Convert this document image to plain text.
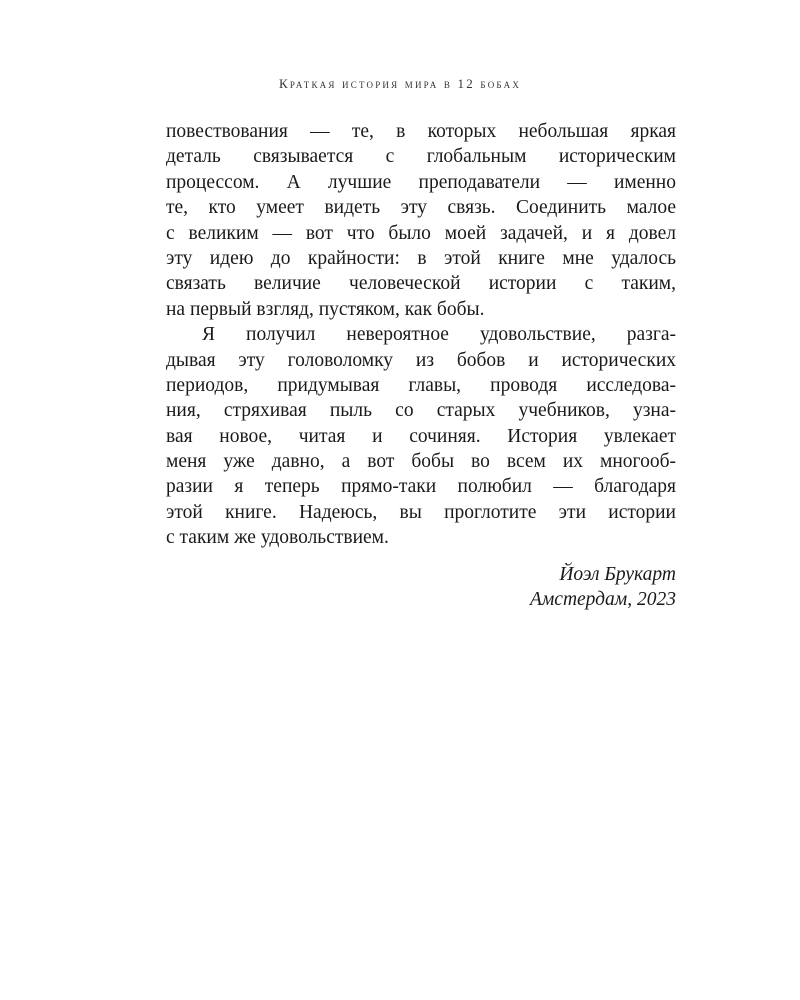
Краткая история мира в 12 бобах
повествования — те, в которых небольшая яркая
деталь связывается с глобальным историческим
процессом. А лучшие преподаватели — именно
те, кто умеет видеть эту связь. Соединить малое
с великим — вот что было моей задачей, и я довел
эту идею до крайности: в этой книге мне удалось
связать величие человеческой истории с таким,
на первый взгляд, пустяком, как бобы.
Я получил невероятное удовольствие, разга-
дывая эту головоломку из бобов и исторических
периодов, придумывая главы, проводя исследова-
ния, стряхивая пыль со старых учебников, узна-
вая новое, читая и сочиняя. История увлекает
меня уже давно, а вот бобы во всем их многооб-
разии я теперь прямо-таки полюбил — благодаря
этой книге. Надеюсь, вы проглотите эти истории
с таким же удовольствием.
Йоэл Брукарт
Амстердам, 2023
